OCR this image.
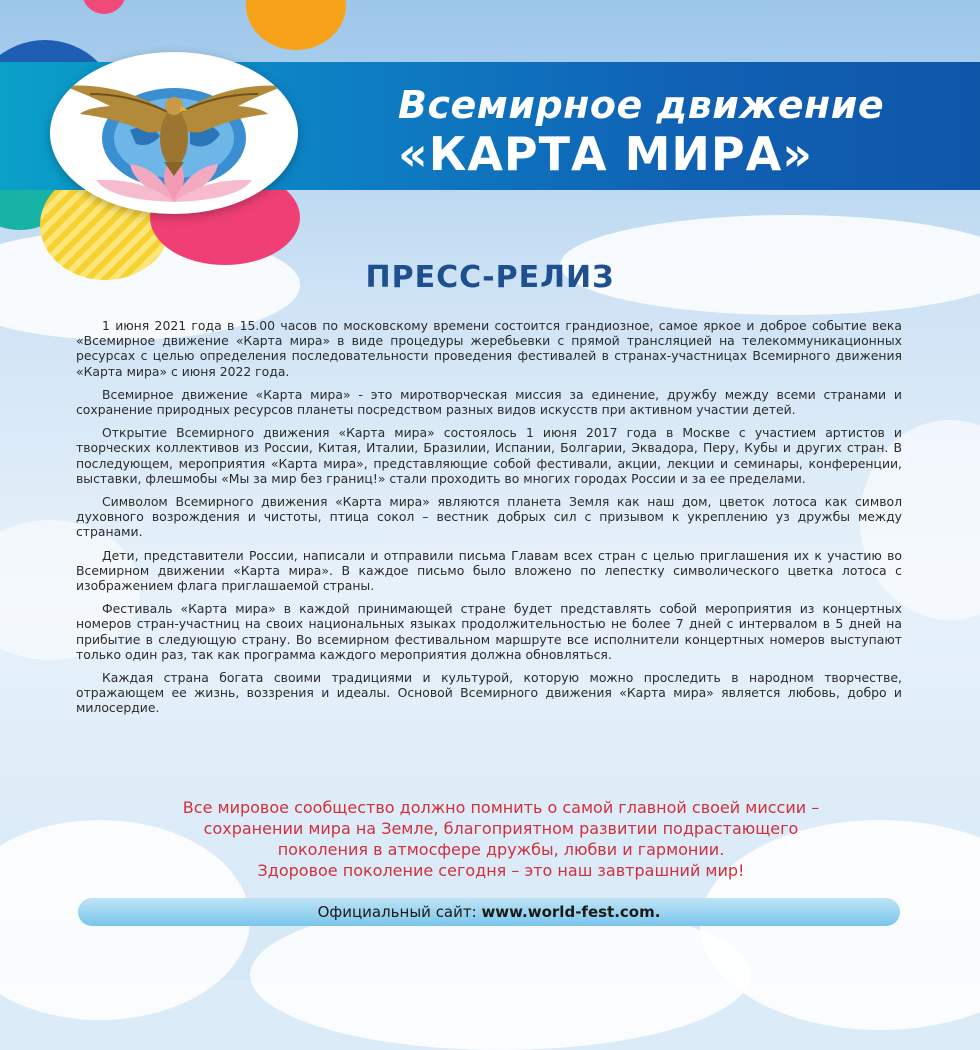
Всемирное движение
«КАРТА МИРА»
ПРЕСС-РЕЛИЗ

1 июня 2021 года в 15.00 часов по московскому времени состоится грандиозное, самое яркое и доброе событие века «Всемирное движение «Карта мира» в виде процедуры жеребьевки с прямой трансляцией на телекоммуникационных ресурсах с целью определения последовательности проведения фестивалей в странах-участницах Всемирного движения «Карта мира» с июня 2022 года.

Всемирное движение «Карта мира» - это миротворческая миссия за единение, дружбу между всеми странами и сохранение природных ресурсов планеты посредством разных видов искусств при активном участии детей.

Открытие Всемирного движения «Карта мира» состоялось 1 июня 2017 года в Москве с участием артистов и творческих коллективов из России, Китая, Италии, Бразилии, Испании, Болгарии, Эквадора, Перу, Кубы и других стран. В последующем, мероприятия «Карта мира», представляющие собой фестивали, акции, лекции и семинары, конференции, выставки, флешмобы «Мы за мир без границ!» стали проходить во многих городах России и за ее пределами.

Символом Всемирного движения «Карта мира» являются планета Земля как наш дом, цветок лотоса как символ духовного возрождения и чистоты, птица сокол – вестник добрых сил с призывом к укреплению уз дружбы между странами.

Дети, представители России, написали и отправили письма Главам всех стран с целью приглашения их к участию во Всемирном движении «Карта мира». В каждое письмо было вложено по лепестку символического цветка лотоса с изображением флага приглашаемой страны.

Фестиваль «Карта мира» в каждой принимающей стране будет представлять собой мероприятия из концертных номеров стран-участниц на своих национальных языках продолжительностью не более 7 дней с интервалом в 5 дней на прибытие в следующую страну. Во всемирном фестивальном маршруте все исполнители концертных номеров выступают только один раз, так как программа каждого мероприятия должна обновляться.

Каждая страна богата своими традициями и культурой, которую можно проследить в народном творчестве, отражающем ее жизнь, воззрения и идеалы. Основой Всемирного движения «Карта мира» является любовь, добро и милосердие.

Все мировое сообщество должно помнить о самой главной своей миссии –
сохранении мира на Земле, благоприятном развитии подрастающего
поколения в атмосфере дружбы, любви и гармонии.
Здоровое поколение сегодня – это наш завтрашний мир!
Официальный сайт: www.world-fest.com.
